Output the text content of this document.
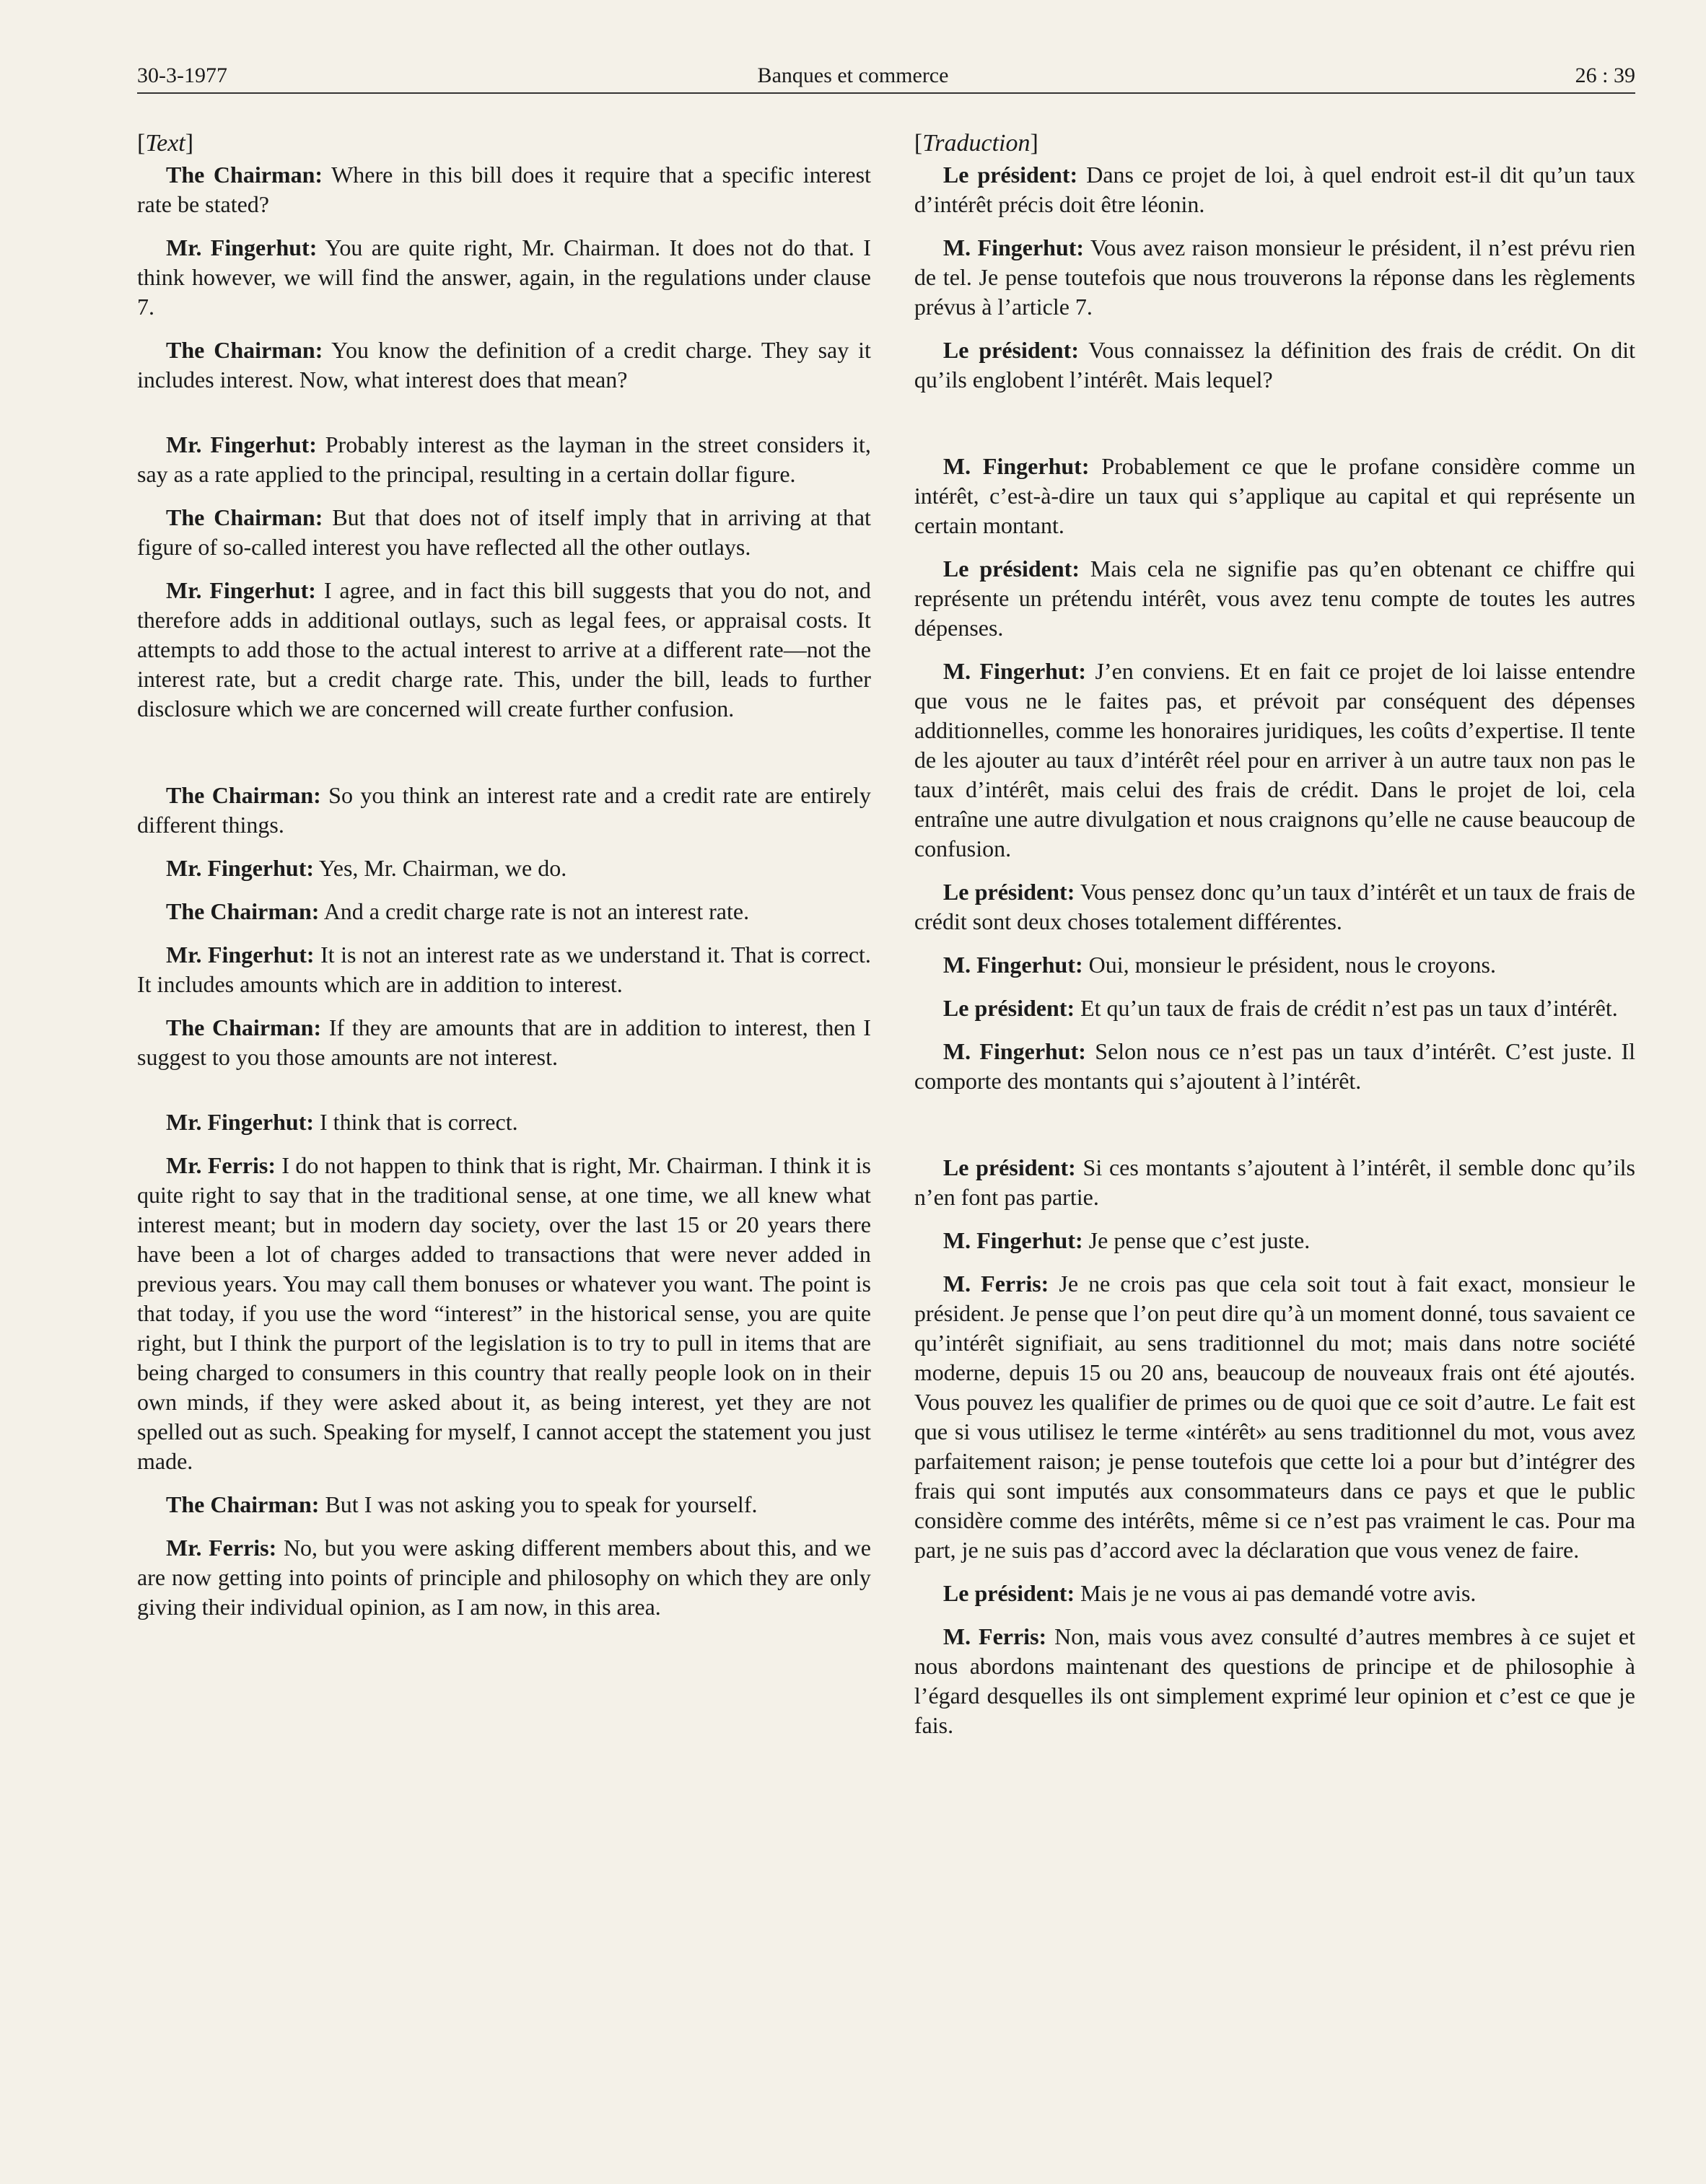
30-3-1977	Banques et commerce	26 : 39
[Text]
The Chairman: Where in this bill does it require that a specific interest rate be stated?
Mr. Fingerhut: You are quite right, Mr. Chairman. It does not do that. I think however, we will find the answer, again, in the regulations under clause 7.
The Chairman: You know the definition of a credit charge. They say it includes interest. Now, what interest does that mean?
Mr. Fingerhut: Probably interest as the layman in the street considers it, say as a rate applied to the principal, resulting in a certain dollar figure.
The Chairman: But that does not of itself imply that in arriving at that figure of so-called interest you have reflected all the other outlays.
Mr. Fingerhut: I agree, and in fact this bill suggests that you do not, and therefore adds in additional outlays, such as legal fees, or appraisal costs. It attempts to add those to the actual interest to arrive at a different rate—not the interest rate, but a credit charge rate. This, under the bill, leads to further disclosure which we are concerned will create further confusion.
The Chairman: So you think an interest rate and a credit rate are entirely different things.
Mr. Fingerhut: Yes, Mr. Chairman, we do.
The Chairman: And a credit charge rate is not an interest rate.
Mr. Fingerhut: It is not an interest rate as we understand it. That is correct. It includes amounts which are in addition to interest.
The Chairman: If they are amounts that are in addition to interest, then I suggest to you those amounts are not interest.
Mr. Fingerhut: I think that is correct.
Mr. Ferris: I do not happen to think that is right, Mr. Chairman. I think it is quite right to say that in the traditional sense, at one time, we all knew what interest meant; but in modern day society, over the last 15 or 20 years there have been a lot of charges added to transactions that were never added in previous years. You may call them bonuses or whatever you want. The point is that today, if you use the word “interest” in the historical sense, you are quite right, but I think the purport of the legislation is to try to pull in items that are being charged to consumers in this country that really people look on in their own minds, if they were asked about it, as being interest, yet they are not spelled out as such. Speaking for myself, I cannot accept the statement you just made.
The Chairman: But I was not asking you to speak for yourself.
Mr. Ferris: No, but you were asking different members about this, and we are now getting into points of principle and philosophy on which they are only giving their individual opinion, as I am now, in this area.
[Traduction]
Le président: Dans ce projet de loi, à quel endroit est-il dit qu’un taux d’intérêt précis doit être léonin.
M. Fingerhut: Vous avez raison monsieur le président, il n’est prévu rien de tel. Je pense toutefois que nous trouverons la réponse dans les règlements prévus à l’article 7.
Le président: Vous connaissez la définition des frais de crédit. On dit qu’ils englobent l’intérêt. Mais lequel?
M. Fingerhut: Probablement ce que le profane considère comme un intérêt, c’est-à-dire un taux qui s’applique au capital et qui représente un certain montant.
Le président: Mais cela ne signifie pas qu’en obtenant ce chiffre qui représente un prétendu intérêt, vous avez tenu compte de toutes les autres dépenses.
M. Fingerhut: J’en conviens. Et en fait ce projet de loi laisse entendre que vous ne le faites pas, et prévoit par conséquent des dépenses additionnelles, comme les honoraires juridiques, les coûts d’expertise. Il tente de les ajouter au taux d’intérêt réel pour en arriver à un autre taux non pas le taux d’intérêt, mais celui des frais de crédit. Dans le projet de loi, cela entraîne une autre divulgation et nous craignons qu’elle ne cause beaucoup de confusion.
Le président: Vous pensez donc qu’un taux d’intérêt et un taux de frais de crédit sont deux choses totalement différentes.
M. Fingerhut: Oui, monsieur le président, nous le croyons.
Le président: Et qu’un taux de frais de crédit n’est pas un taux d’intérêt.
M. Fingerhut: Selon nous ce n’est pas un taux d’intérêt. C’est juste. Il comporte des montants qui s’ajoutent à l’intérêt.
Le président: Si ces montants s’ajoutent à l’intérêt, il semble donc qu’ils n’en font pas partie.
M. Fingerhut: Je pense que c’est juste.
M. Ferris: Je ne crois pas que cela soit tout à fait exact, monsieur le président. Je pense que l’on peut dire qu’à un moment donné, tous savaient ce qu’intérêt signifiait, au sens traditionnel du mot; mais dans notre société moderne, depuis 15 ou 20 ans, beaucoup de nouveaux frais ont été ajoutés. Vous pouvez les qualifier de primes ou de quoi que ce soit d’autre. Le fait est que si vous utilisez le terme «intérêt» au sens traditionnel du mot, vous avez parfaitement raison; je pense toutefois que cette loi a pour but d’intégrer des frais qui sont imputés aux consommateurs dans ce pays et que le public considère comme des intérêts, même si ce n’est pas vraiment le cas. Pour ma part, je ne suis pas d’accord avec la déclaration que vous venez de faire.
Le président: Mais je ne vous ai pas demandé votre avis.
M. Ferris: Non, mais vous avez consulté d’autres membres à ce sujet et nous abordons maintenant des questions de principe et de philosophie à l’égard desquelles ils ont simplement exprimé leur opinion et c’est ce que je fais.
